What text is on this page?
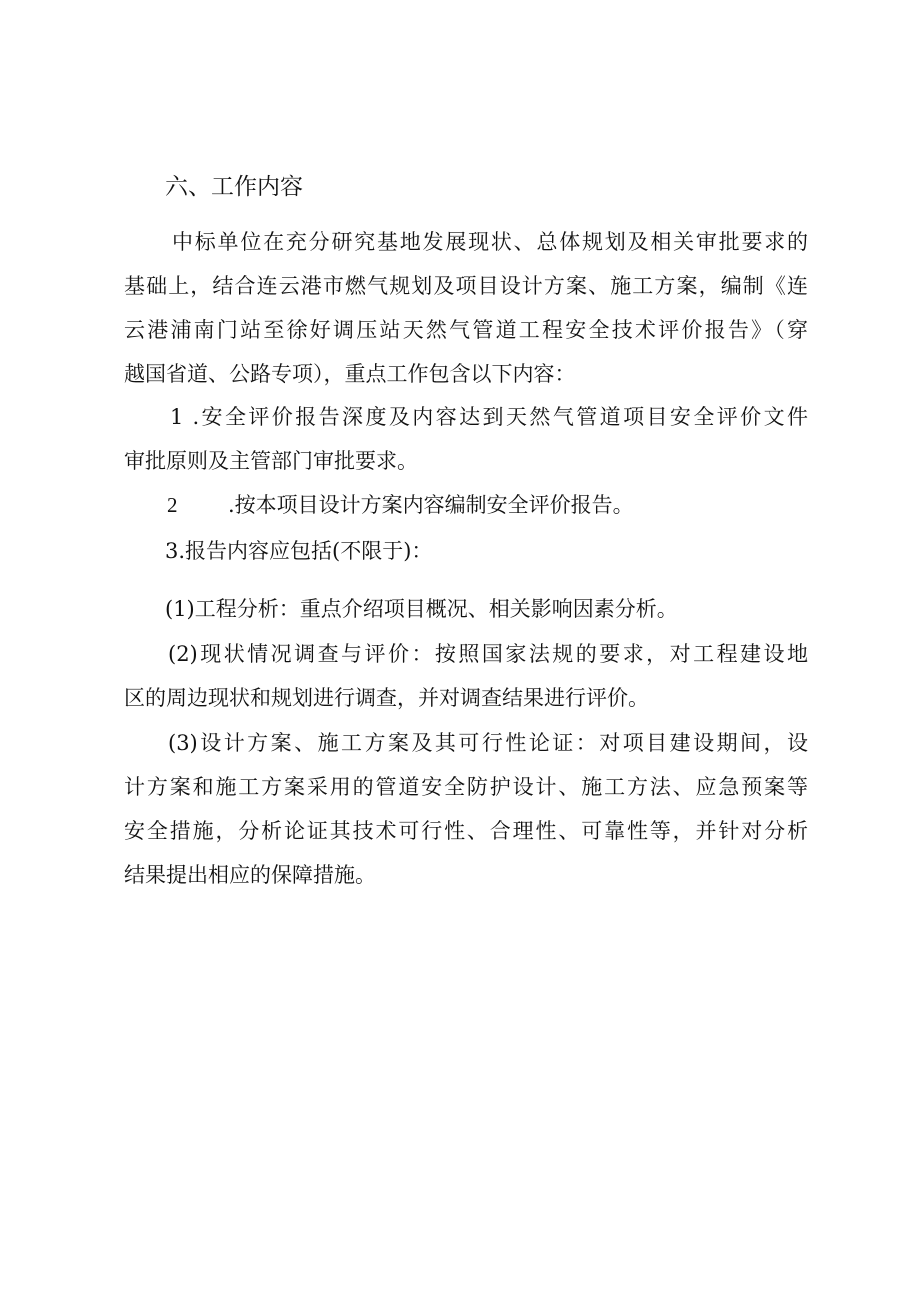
六、工作内容

中标单位在充分研究基地发展现状、总体规划及相关审批要求的

基础上，结合连云港市燃气规划及项目设计方案、施工方案，编制《连

云港浦南门站至徐好调压站天然气管道工程安全技术评价报告》（穿

越国省道、公路专项），重点工作包含以下内容：

1 .安全评价报告深度及内容达到天然气管道项目安全评价文件

审批原则及主管部门审批要求。

2 .按本项目设计方案内容编制安全评价报告。

3.报告内容应包括(不限于)：

(1)工程分析：重点介绍项目概况、相关影响因素分析。

(2)现状情况调查与评价：按照国家法规的要求，对工程建设地

区的周边现状和规划进行调查，并对调查结果进行评价。

(3)设计方案、施工方案及其可行性论证：对项目建设期间，设

计方案和施工方案采用的管道安全防护设计、施工方法、应急预案等

安全措施，分析论证其技术可行性、合理性、可靠性等，并针对分析

结果提出相应的保障措施。
